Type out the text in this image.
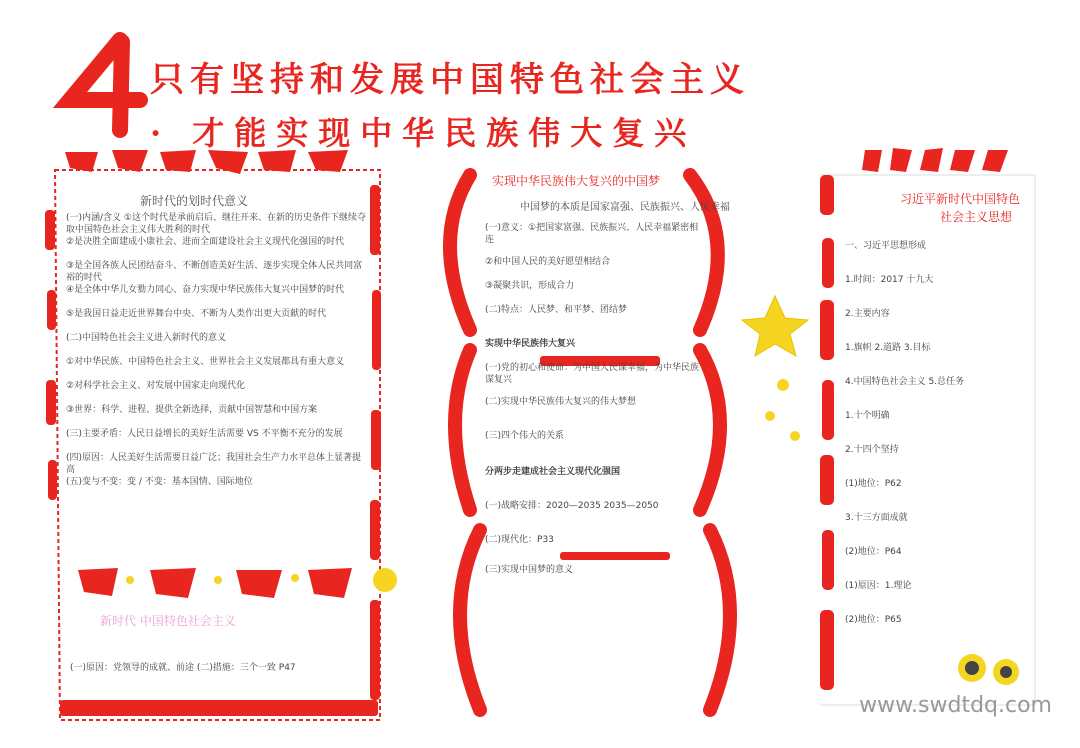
只有坚持和发展中国特色社会主义
· 才能实现中华民族伟大复兴
新时代的划时代意义
(一)内涵/含义 ①这个时代是承前启后、继往开来、在新的历史条件下继续夺取中国特色社会主义伟大胜利的时代
②是决胜全面建成小康社会、进而全面建设社会主义现代化强国的时代
③是全国各族人民团结奋斗、不断创造美好生活、逐步实现全体人民共同富裕的时代
④是全体中华儿女勠力同心、奋力实现中华民族伟大复兴中国梦的时代
⑤是我国日益走近世界舞台中央、不断为人类作出更大贡献的时代
(二)中国特色社会主义进入新时代的意义
①对中华民族、中国特色社会主义、世界社会主义发展都具有重大意义
②对科学社会主义、对发展中国家走向现代化
③世界：科学、进程、提供全新选择，贡献中国智慧和中国方案
(三)主要矛盾：人民日益增长的美好生活需要 VS 不平衡不充分的发展
(四)原因：人民美好生活需要日益广泛；我国社会生产力水平总体上显著提高
(五)变与不变：变 / 不变：基本国情、国际地位
新时代 中国特色社会主义
(一)原因：党领导的成就、前途 (二)措施：三个一致 P47
实现中华民族伟大复兴的中国梦
中国梦的本质是国家富强、民族振兴、人民幸福
(一)意义：①把国家富强、民族振兴、人民幸福紧密相连
②和中国人民的美好愿望相结合
③凝聚共识，形成合力
(二)特点：人民梦、和平梦、团结梦
实现中华民族伟大复兴
(一)党的初心和使命：为中国人民谋幸福，为中华民族谋复兴
(二)实现中华民族伟大复兴的伟大梦想
(三)四个伟大的关系
分两步走建成社会主义现代化强国
(一)战略安排：2020—2035 2035—2050
(二)现代化：P33
(三)实现中国梦的意义
习近平新时代中国特色
社会主义思想
一、习近平思想形成
1.时间：2017 十九大
2.主要内容
1.旗帜 2.道路 3.目标
4.中国特色社会主义 5.总任务
1.十个明确
2.十四个坚持
(1)地位：P62
3.十三方面成就
(2)地位：P64
(1)原因：1.理论
(2)地位：P65
www.swdtdq.com
